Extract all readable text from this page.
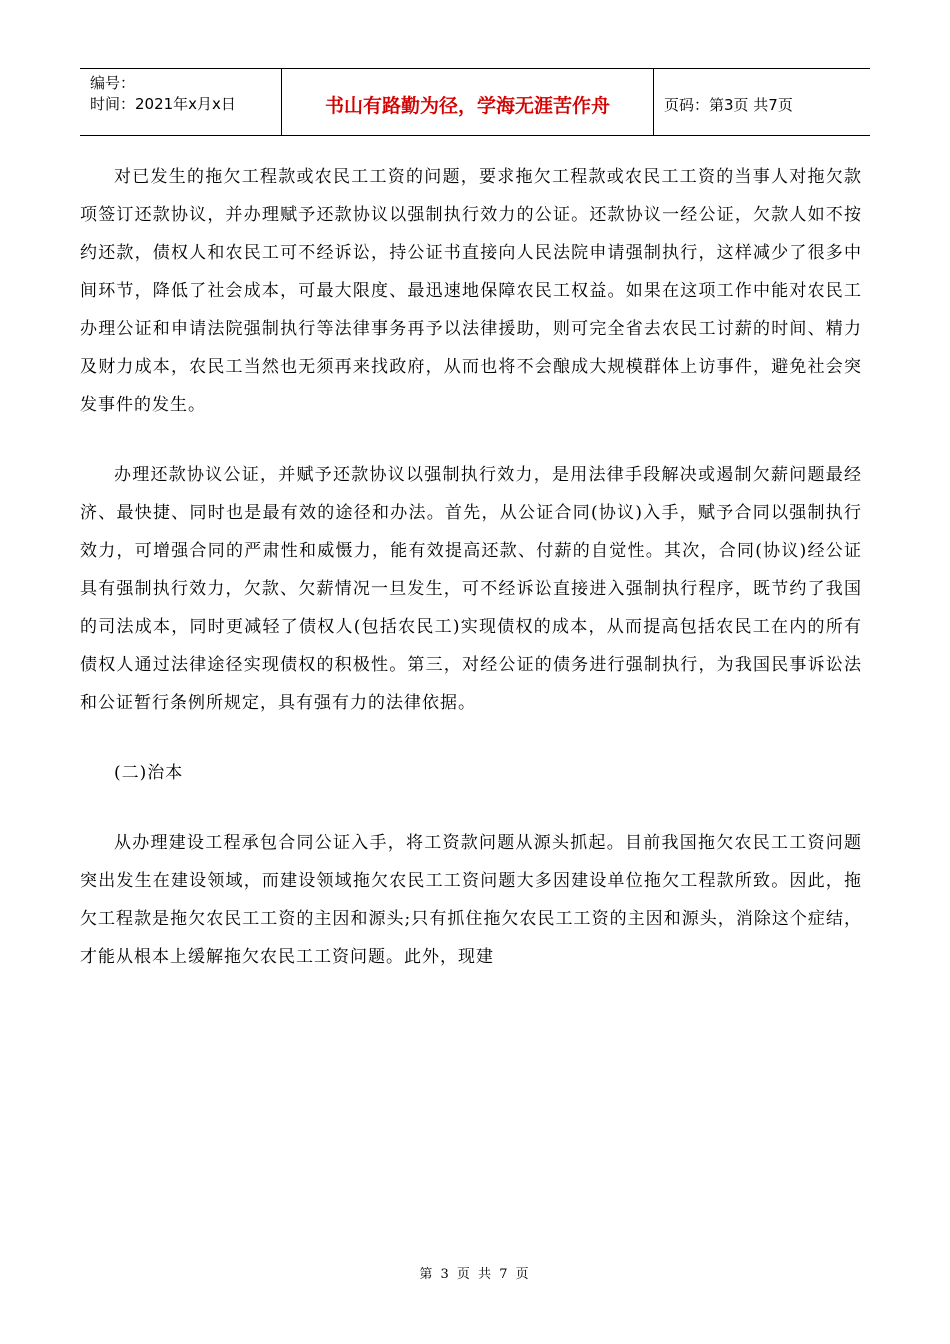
编号：
时间：2021年x月x日	书山有路勤为径，学海无涯苦作舟	页码：第3页 共7页

对已发生的拖欠工程款或农民工工资的问题，要求拖欠工程款或农民工工资的当事人对拖欠款项签订还款协议，并办理赋予还款协议以强制执行效力的公证。还款协议一经公证，欠款人如不按约还款，债权人和农民工可不经诉讼，持公证书直接向人民法院申请强制执行，这样减少了很多中间环节，降低了社会成本，可最大限度、最迅速地保障农民工权益。如果在这项工作中能对农民工办理公证和申请法院强制执行等法律事务再予以法律援助，则可完全省去农民工讨薪的时间、精力及财力成本，农民工当然也无须再来找政府，从而也将不会酿成大规模群体上访事件，避免社会突发事件的发生。

办理还款协议公证，并赋予还款协议以强制执行效力，是用法律手段解决或遏制欠薪问题最经济、最快捷、同时也是最有效的途径和办法。首先，从公证合同(协议)入手，赋予合同以强制执行效力，可增强合同的严肃性和威慑力，能有效提高还款、付薪的自觉性。其次，合同(协议)经公证具有强制执行效力，欠款、欠薪情况一旦发生，可不经诉讼直接进入强制执行程序，既节约了我国的司法成本，同时更减轻了债权人(包括农民工)实现债权的成本，从而提高包括农民工在内的所有债权人通过法律途径实现债权的积极性。第三，对经公证的债务进行强制执行，为我国民事诉讼法和公证暂行条例所规定，具有强有力的法律依据。

(二)治本

从办理建设工程承包合同公证入手，将工资款问题从源头抓起。目前我国拖欠农民工工资问题突出发生在建设领域，而建设领域拖欠农民工工资问题大多因建设单位拖欠工程款所致。因此，拖欠工程款是拖欠农民工工资的主因和源头;只有抓住拖欠农民工工资的主因和源头，消除这个症结，才能从根本上缓解拖欠农民工工资问题。此外，现建

第 3 页 共 7 页
